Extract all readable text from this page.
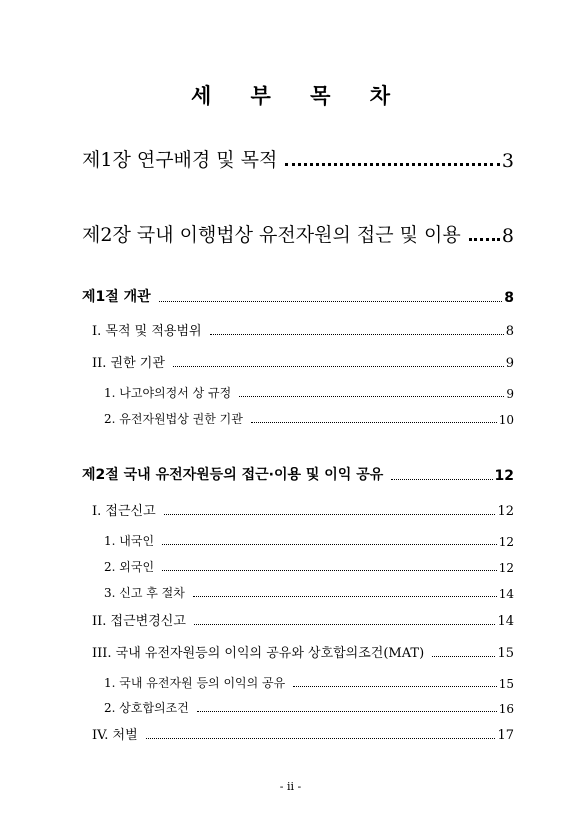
세 부 목 차
제1장 연구배경 및 목적	3
제2장 국내 이행법상 유전자원의 접근 및 이용 8
제1절 개관	8
I. 목적 및 적용범위	8
II. 권한 기관	9
1. 나고야의정서 상 규정	9
2. 유전자원법상 권한 기관	10
제2절 국내 유전자원등의 접근·이용 및 이익 공유	12
I. 접근신고	12
1. 내국인	12
2. 외국인	12
3. 신고 후 절차	14
II. 접근변경신고	14
III. 국내 유전자원등의 이익의 공유와 상호합의조건(MAT)	15
1. 국내 유전자원 등의 이익의 공유	15
2. 상호합의조건	16
IV. 처벌	17
- ii -
